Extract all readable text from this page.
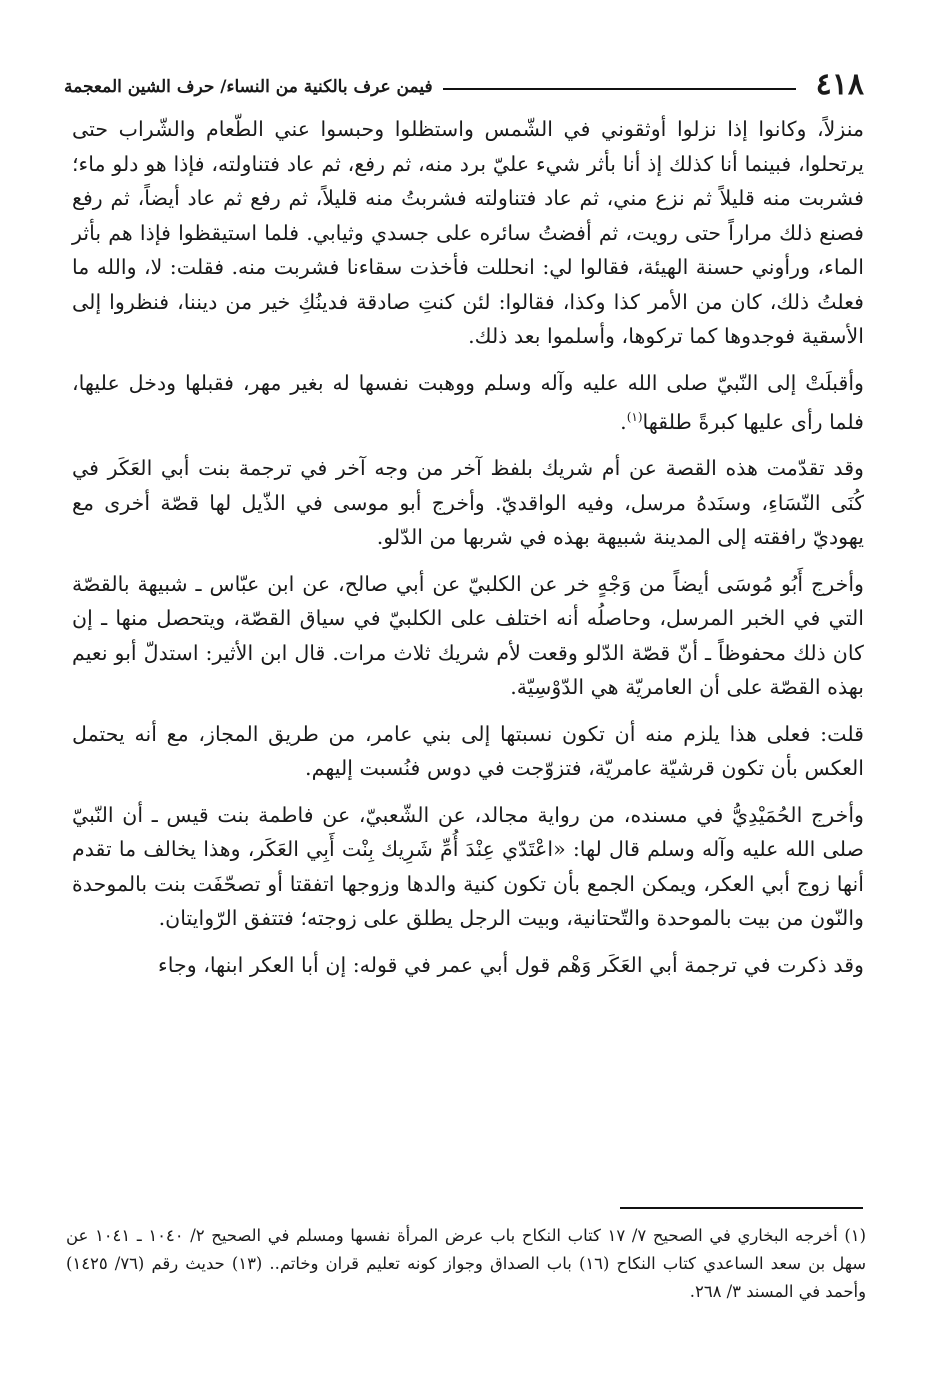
٤١٨
فيمن عرف بالكنية من النساء/ حرف الشين المعجمة

منزلاً، وكانوا إذا نزلوا أوثقوني في الشّمس واستظلوا وحبسوا عني الطّعام والشّراب حتى يرتحلوا، فبينما أنا كذلك إذ أنا بأثر شيء عليّ برد منه، ثم رفع، ثم عاد فتناولته، فإذا هو دلو ماء؛ فشربت منه قليلاً ثم نزع مني، ثم عاد فتناولته فشربتُ منه قليلاً، ثم رفع ثم عاد أيضاً، ثم رفع فصنع ذلك مراراً حتى رويت، ثم أفضتُ سائره على جسدي وثيابي. فلما استيقظوا فإذا هم بأثر الماء، ورأوني حسنة الهيئة، فقالوا لي: انحللت فأخذت سقاءنا فشربت منه. فقلت: لا، والله ما فعلتُ ذلك، كان من الأمر كذا وكذا، فقالوا: لئن كنتِ صادقة فدينُكِ خير من ديننا، فنظروا إلى الأسقية فوجدوها كما تركوها، وأسلموا بعد ذلك.

وأقبلَتْ إلى النّبيّ صلى الله عليه وآله وسلم ووهبت نفسها له بغير مهر، فقبلها ودخل عليها، فلما رأى عليها كبرةً طلقها$^{(١)}$.

وقد تقدّمت هذه القصة عن أم شريك بلفظ آخر من وجه آخر في ترجمة بنت أبي العَكَر في كُنَى النّسَاءِ، وسنَدهُ مرسل، وفيه الواقديّ. وأخرج أبو موسى في الذّيل لها قصّة أخرى مع يهوديّ رافقته إلى المدينة شبيهة بهذه في شربها من الدّلو.

وأخرج أَبُو مُوسَى أيضاً من وَجْهٍ خر عن الكلبيّ عن أبي صالح، عن ابن عبّاس ـ شبيهة بالقصّة التي في الخبر المرسل، وحاصلُه أنه اختلف على الكلبيّ في سياق القصّة، ويتحصل منها ـ إن كان ذلك محفوظاً ـ أنّ قصّة الدّلو وقعت لأم شريك ثلاث مرات. قال ابن الأثير: استدلّ أبو نعيم بهذه القصّة على أن العامريّة هي الدّوْسِيّة.

قلت: فعلى هذا يلزم منه أن تكون نسبتها إلى بني عامر، من طريق المجاز، مع أنه يحتمل العكس بأن تكون قرشيّة عامريّة، فتزوّجت في دوس فنُسبت إليهم.

وأخرج الحُمَيْدِيُّ في مسنده، من رواية مجالد، عن الشّعبيّ، عن فاطمة بنت قيس ـ أن النّبيّ صلى الله عليه وآله وسلم قال لها: «اعْتَدّي عِنْدَ أُمِّ شَرِيك بِنْت أَبِي العَكَر، وهذا يخالف ما تقدم أنها زوج أبي العكر، ويمكن الجمع بأن تكون كنية والدها وزوجها اتفقتا أو تصحّفَت بنت بالموحدة والنّون من بيت بالموحدة والتّحتانية، وبيت الرجل يطلق على زوجته؛ فتتفق الرّوايتان.

وقد ذكرت في ترجمة أبي العَكَر وَهْم قول أبي عمر في قوله: إن أبا العكر ابنها، وجاء

(١) أخرجه البخاري في الصحيح ٧/ ١٧ كتاب النكاح باب عرض المرأة نفسها ومسلم في الصحيح ٢/ ١٠٤٠ ـ ١٠٤١ عن سهل بن سعد الساعدي كتاب النكاح (١٦) باب الصداق وجواز كونه تعليم قران وخاتم.. (١٣) حديث رقم (٧٦/ ١٤٢٥) وأحمد في المسند ٣/ ٢٦٨.
